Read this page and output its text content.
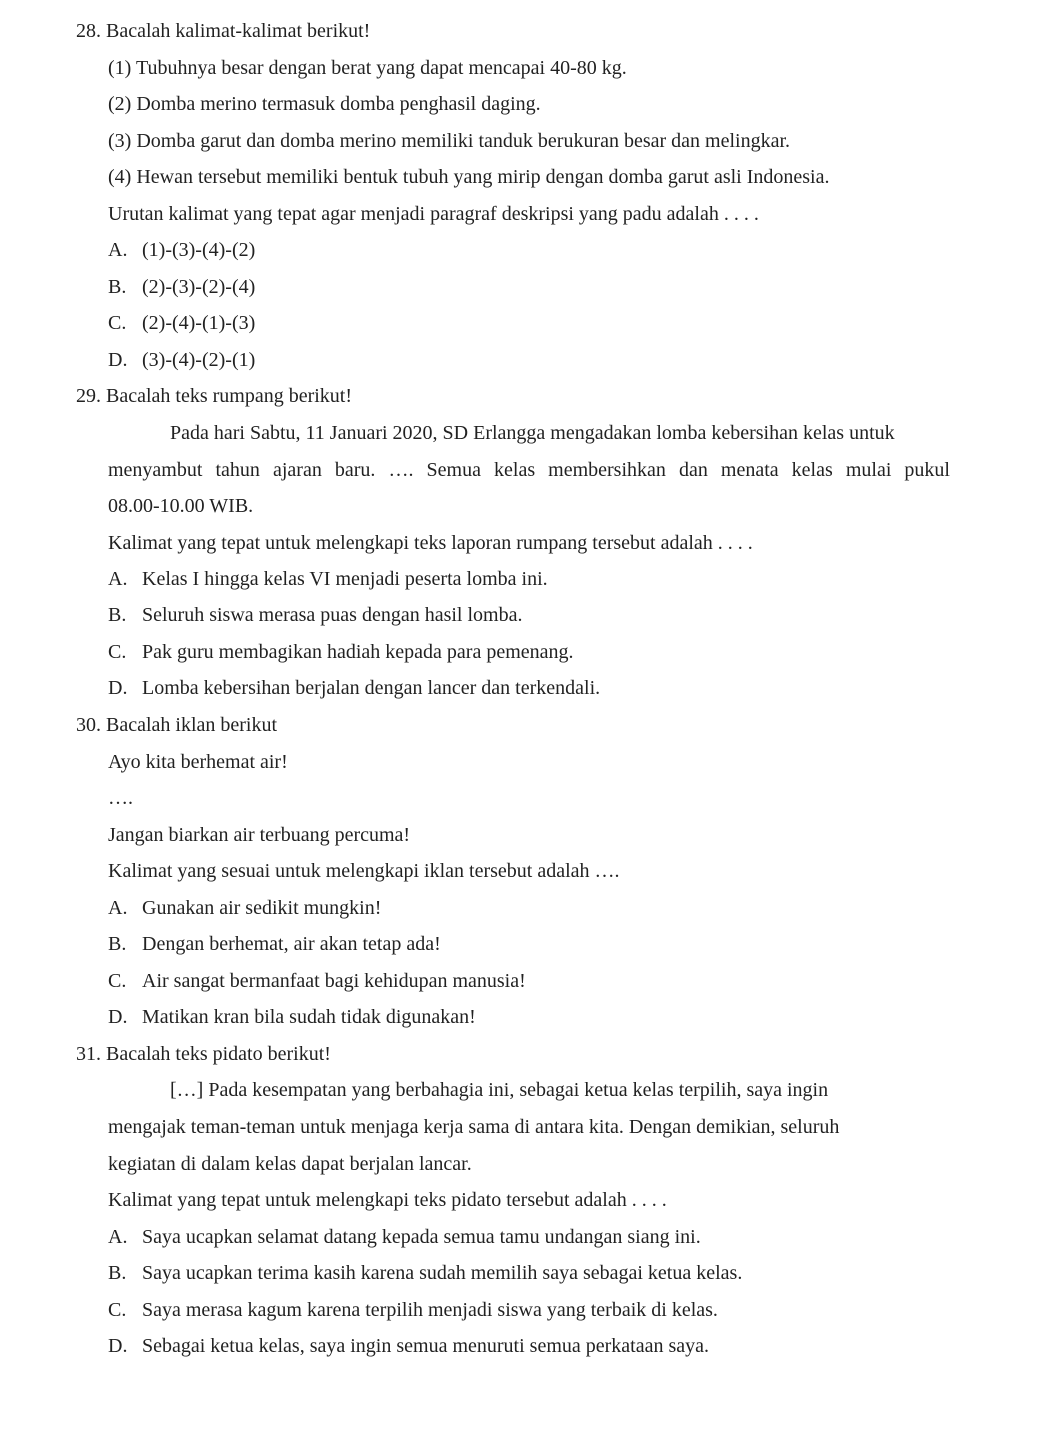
28. Bacalah kalimat-kalimat berikut!
(1) Tubuhnya besar dengan berat yang dapat mencapai 40-80 kg.
(2) Domba merino termasuk domba penghasil daging.
(3) Domba garut dan domba merino memiliki tanduk berukuran besar dan melingkar.
(4) Hewan tersebut memiliki bentuk tubuh yang mirip dengan domba garut asli Indonesia.
Urutan kalimat yang tepat agar menjadi paragraf deskripsi yang padu adalah . . . .
A. (1)-(3)-(4)-(2)
B. (2)-(3)-(2)-(4)
C. (2)-(4)-(1)-(3)
D. (3)-(4)-(2)-(1)
29. Bacalah teks rumpang berikut!
Pada hari Sabtu, 11 Januari 2020, SD Erlangga mengadakan lomba kebersihan kelas untuk
menyambut tahun ajaran baru. …. Semua kelas membersihkan dan menata kelas mulai pukul
08.00-10.00 WIB.
Kalimat yang tepat untuk melengkapi teks laporan rumpang tersebut adalah . . . .
A. Kelas I hingga kelas VI menjadi peserta lomba ini.
B. Seluruh siswa merasa puas dengan hasil lomba.
C. Pak guru membagikan hadiah kepada para pemenang.
D. Lomba kebersihan berjalan dengan lancer dan terkendali.
30. Bacalah iklan berikut
Ayo kita berhemat air!
….
Jangan biarkan air terbuang percuma!
Kalimat yang sesuai untuk melengkapi iklan tersebut adalah ….
A. Gunakan air sedikit mungkin!
B. Dengan berhemat, air akan tetap ada!
C. Air sangat bermanfaat bagi kehidupan manusia!
D. Matikan kran bila sudah tidak digunakan!
31. Bacalah teks pidato berikut!
[…] Pada kesempatan yang berbahagia ini, sebagai ketua kelas terpilih, saya ingin
mengajak teman-teman untuk menjaga kerja sama di antara kita. Dengan demikian, seluruh
kegiatan di dalam kelas dapat berjalan lancar.
Kalimat yang tepat untuk melengkapi teks pidato tersebut adalah . . . .
A. Saya ucapkan selamat datang kepada semua tamu undangan siang ini.
B. Saya ucapkan terima kasih karena sudah memilih saya sebagai ketua kelas.
C. Saya merasa kagum karena terpilih menjadi siswa yang terbaik di kelas.
D. Sebagai ketua kelas, saya ingin semua menuruti semua perkataan saya.
